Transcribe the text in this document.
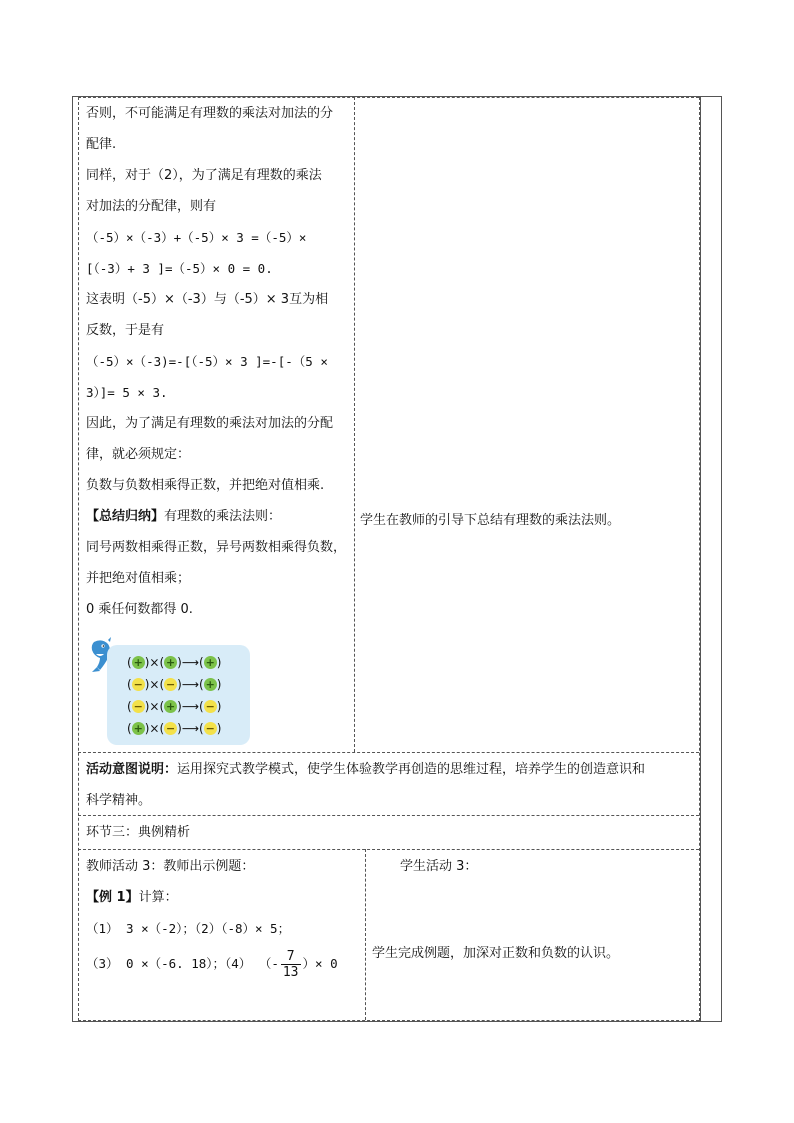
否则，不可能满足有理数的乘法对加法的分
配律.
同样，对于（2），为了满足有理数的乘法
对加法的分配律，则有
（-5）×（-3）+（-5）× 3 =（-5）×
[（-3）+ 3 ]=（-5）× 0 = 0.
这表明（-5）×（-3）与（-5）× 3互为相
反数，于是有
（-5）×（-3)=-[（-5）× 3 ]=-[-（5 ×
3）]= 5 × 3.
因此，为了满足有理数的乘法对加法的分配
律，就必须规定：
负数与负数相乘得正数，并把绝对值相乘.
【总结归纳】有理数的乘法法则：
同号两数相乘得正数，异号两数相乘得负数，
并把绝对值相乘；
0 乘任何数都得 0.
( + )×( + )⟶( + )
( − )×( − )⟶( + )
( − )×( + )⟶( − )
( + )×( − )⟶( − )
学生在教师的引导下总结有理数的乘法法则。
活动意图说明：运用探究式教学模式，使学生体验教学再创造的思维过程，培养学生的创造意识和
科学精神。
环节三：典例精析
教师活动 3：教师出示例题：
【例 1】计算：
（1） 3 ×（-2）；（2）（-8）× 5；
（3） 0 ×（-6. 18）；（4） （- $\frac{7}{13}$ ）× 0
学生活动 3：
学生完成例题，加深对正数和负数的认识。
